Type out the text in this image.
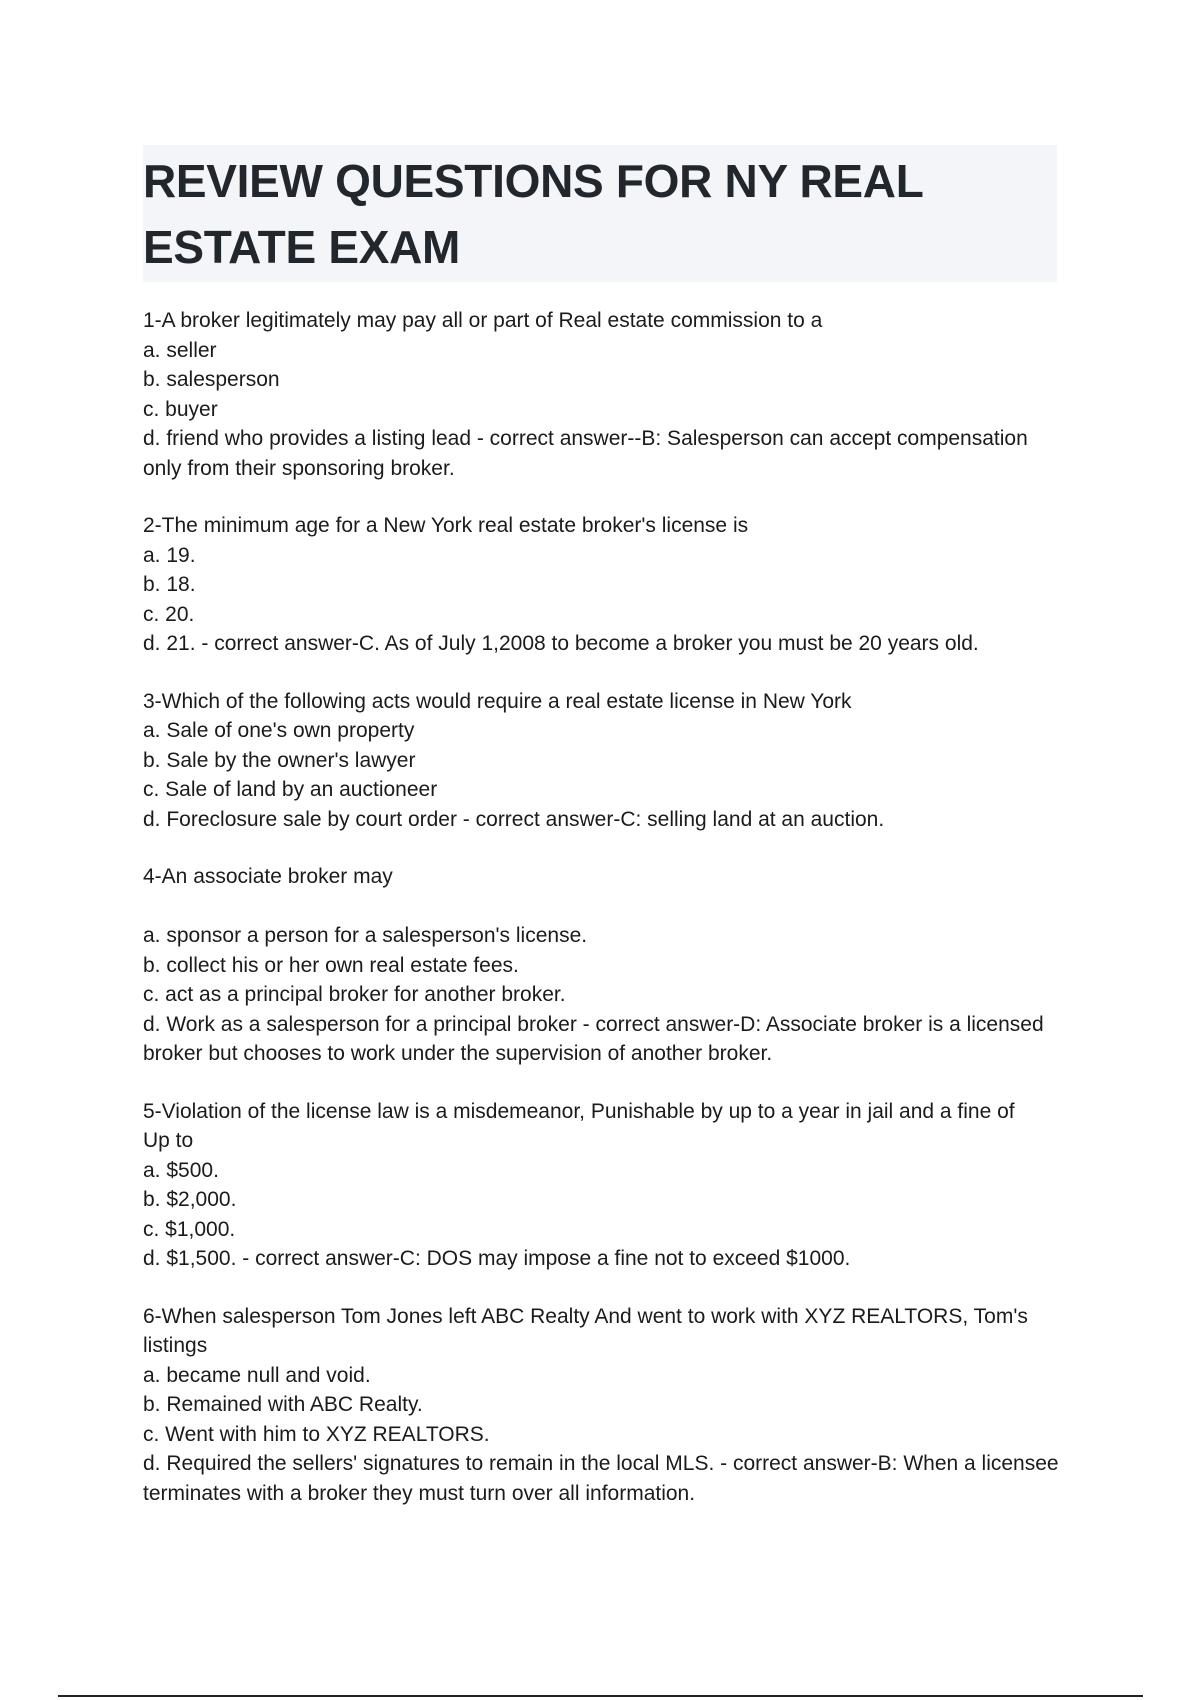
REVIEW QUESTIONS FOR NY REAL
ESTATE EXAM
1-A broker legitimately may pay all or part of Real estate commission to a
a. seller
b. salesperson
c. buyer
d. friend who provides a listing lead - correct answer--B: Salesperson can accept compensation only from their sponsoring broker.
2-The minimum age for a New York real estate broker's license is
a. 19.
b. 18.
c. 20.
d. 21. - correct answer-C. As of July 1,2008 to become a broker you must be 20 years old.
3-Which of the following acts would require a real estate license in New York
a. Sale of one's own property
b. Sale by the owner's lawyer
c. Sale of land by an auctioneer
d. Foreclosure sale by court order - correct answer-C: selling land at an auction.
4-An associate broker may
a. sponsor a person for a salesperson's license.
b. collect his or her own real estate fees.
c. act as a principal broker for another broker.
d. Work as a salesperson for a principal broker - correct answer-D: Associate broker is a licensed broker but chooses to work under the supervision of another broker.
5-Violation of the license law is a misdemeanor, Punishable by up to a year in jail and a fine of
Up to
a. $500.
b. $2,000.
c. $1,000.
d. $1,500. - correct answer-C: DOS may impose a fine not to exceed $1000.
6-When salesperson Tom Jones left ABC Realty And went to work with XYZ REALTORS, Tom's listings
a. became null and void.
b. Remained with ABC Realty.
c. Went with him to XYZ REALTORS.
d. Required the sellers' signatures to remain in the local MLS. - correct answer-B: When a licensee terminates with a broker they must turn over all information.
